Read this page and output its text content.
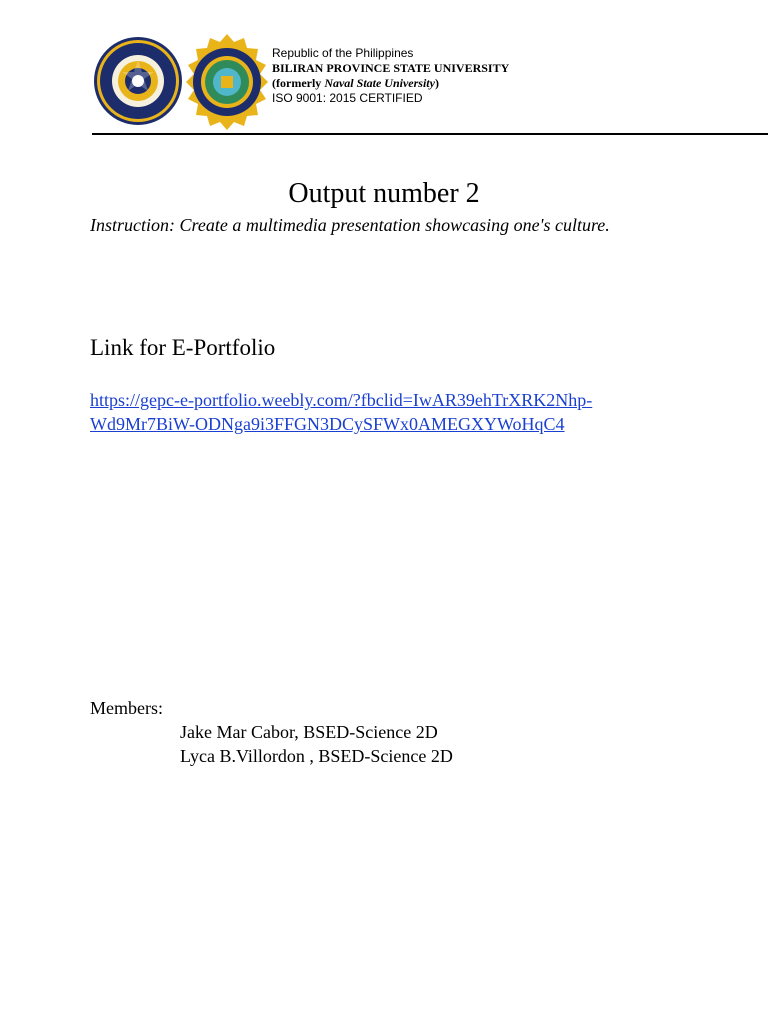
Republic of the Philippines
BILIRAN PROVINCE STATE UNIVERSITY
(formerly Naval State University)
ISO 9001: 2015 CERTIFIED
Output number 2
Instruction: Create a multimedia presentation showcasing one's culture.
Link for E-Portfolio
https://gepc-e-portfolio.weebly.com/?fbclid=IwAR39ehTrXRK2Nhp-
Wd9Mr7BiW-ODNga9i3FFGN3DCySFWx0AMEGXYWoHqC4
Members:
Jake Mar Cabor, BSED-Science 2D
Lyca B.Villordon , BSED-Science 2D
